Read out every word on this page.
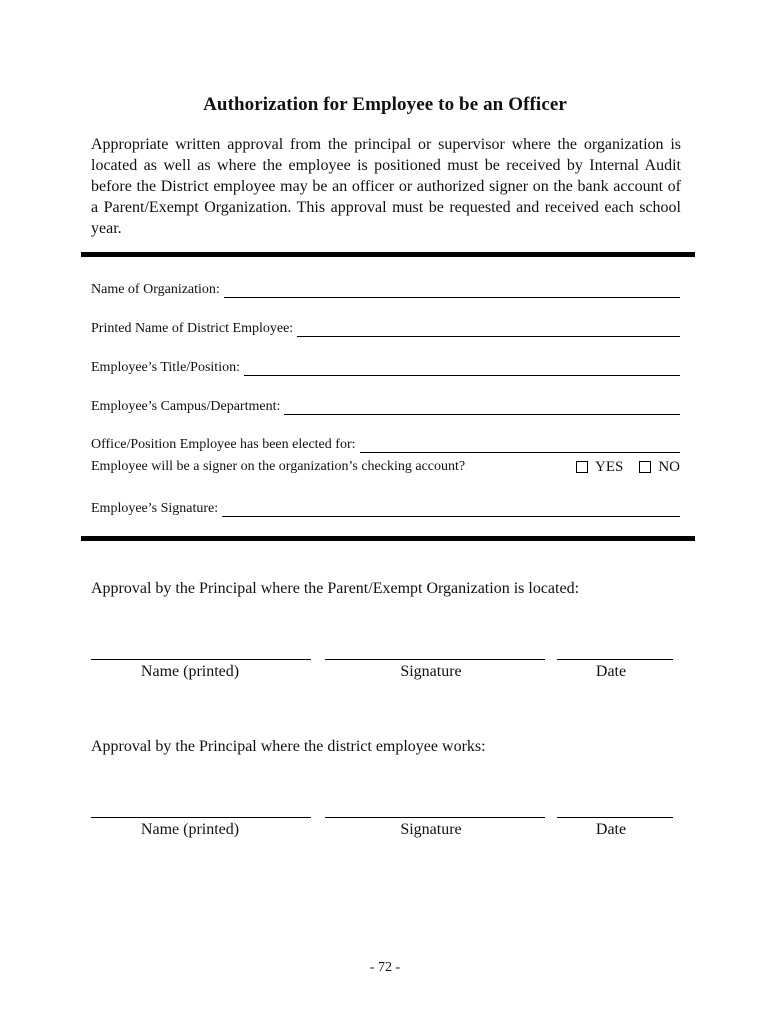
Authorization for Employee to be an Officer

Appropriate written approval from the principal or supervisor where the organization is located as well as where the employee is positioned must be received by Internal Audit before the District employee may be an officer or authorized signer on the bank account of a Parent/Exempt Organization. This approval must be requested and received each school year.

Name of Organization:
Printed Name of District Employee:
Employee’s Title/Position:
Employee’s Campus/Department:
Office/Position Employee has been elected for:
Employee will be a signer on the organization’s checking account?	YES NO
Employee’s Signature:
Approval by the Principal where the Parent/Exempt Organization is located:
Name (printed)	Signature	Date
Approval by the Principal where the district employee works:
Name (printed)	Signature	Date
- 72 -
